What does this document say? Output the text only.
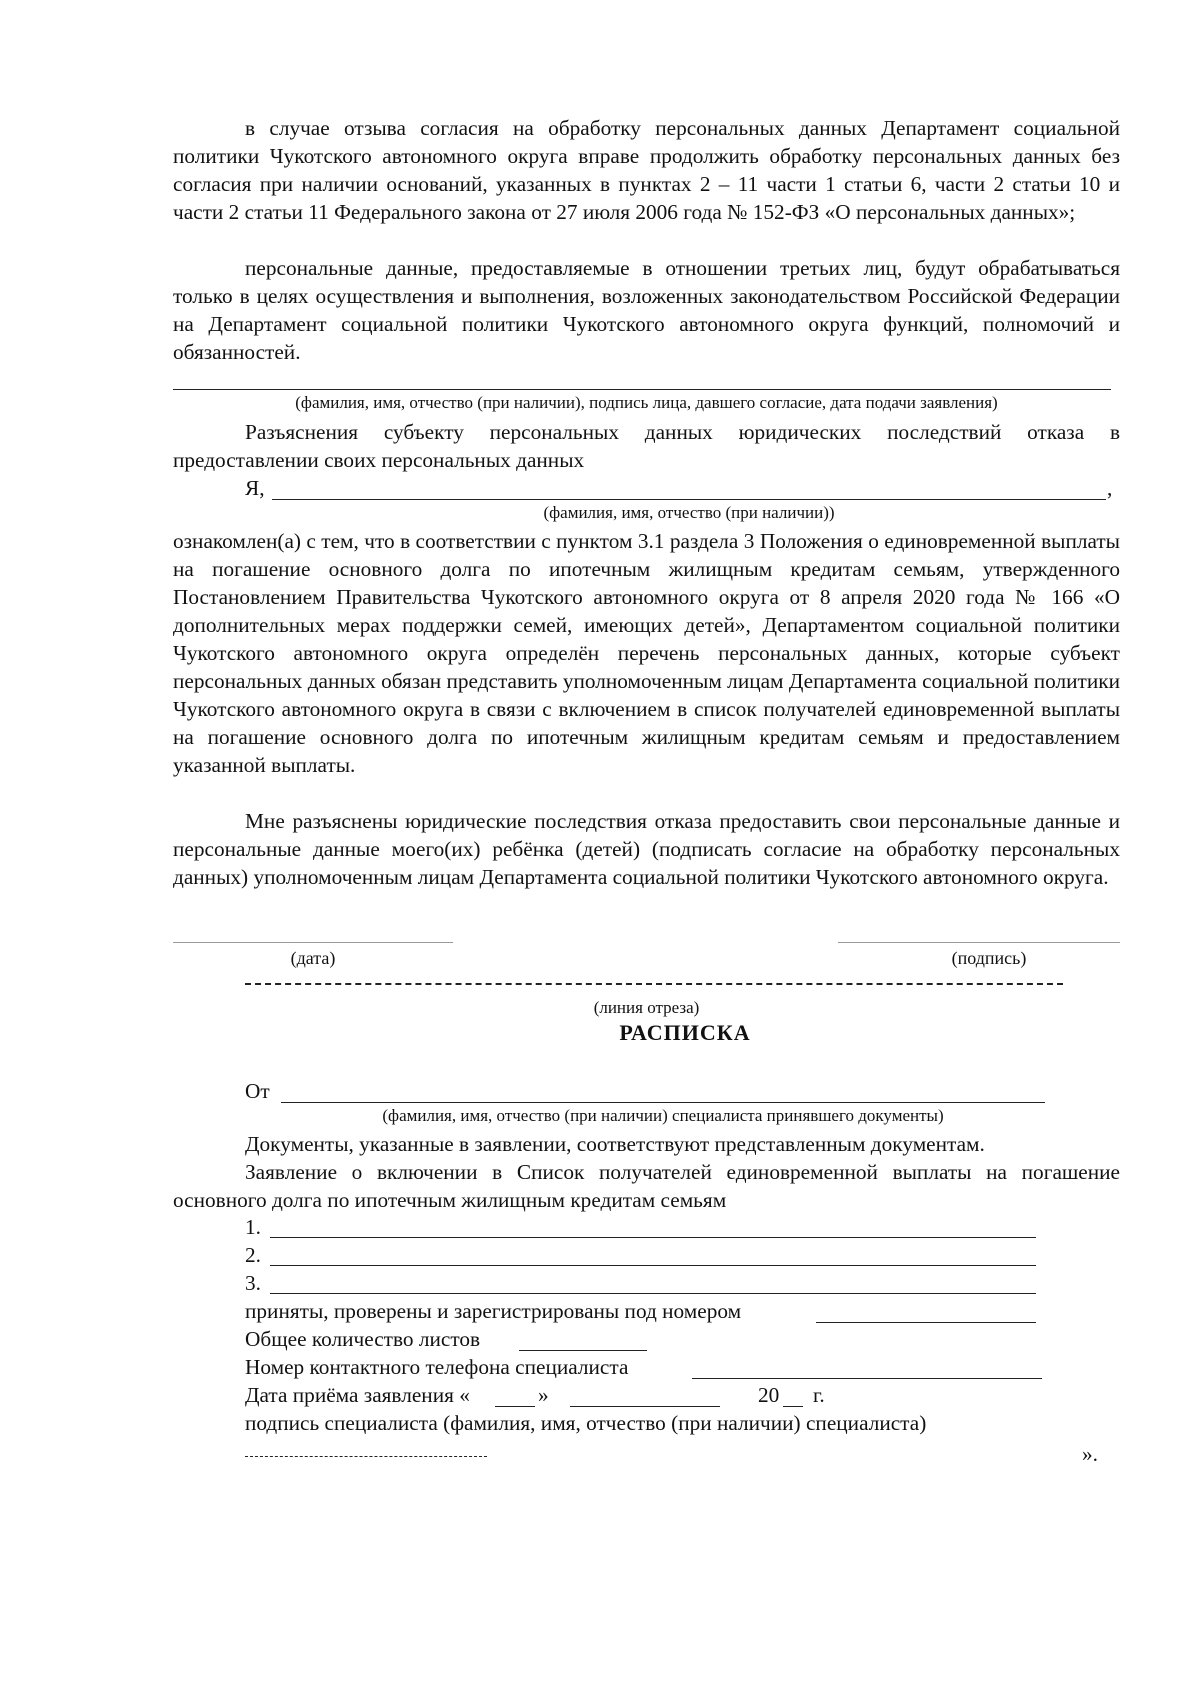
в случае отзыва согласия на обработку персональных данных Департамент социальной политики Чукотского автономного округа вправе продолжить обработку персональных данных без согласия при наличии оснований, указанных в пунктах 2 – 11 части 1 статьи 6, части 2 статьи 10 и части 2 статьи 11 Федерального закона от 27 июля 2006 года № 152-ФЗ «О персональных данных»;

персональные данные, предоставляемые в отношении третьих лиц, будут обрабатываться только в целях осуществления и выполнения, возложенных законодательством Российской Федерации на Департамент социальной политики Чукотского автономного округа функций, полномочий и обязанностей.

(фамилия, имя, отчество (при наличии), подпись лица, давшего согласие, дата подачи заявления)

Разъяснения субъекту персональных данных юридических последствий отказа в предоставлении своих персональных данных

Я,	,
(фамилия, имя, отчество (при наличии))

ознакомлен(а) с тем, что в соответствии с пунктом 3.1 раздела 3 Положения о единовременной выплаты на погашение основного долга по ипотечным жилищным кредитам семьям, утвержденного Постановлением Правительства Чукотского автономного округа от 8 апреля 2020 года № 166 «О дополнительных мерах поддержки семей, имеющих детей», Департаментом социальной политики Чукотского автономного округа определён перечень персональных данных, которые субъект персональных данных обязан представить уполномоченным лицам Департамента социальной политики Чукотского автономного округа в связи с включением в список получателей единовременной выплаты на погашение основного долга по ипотечным жилищным кредитам семьям и предоставлением указанной выплаты.

Мне разъяснены юридические последствия отказа предоставить свои персональные данные и персональные данные моего(их) ребёнка (детей) (подписать согласие на обработку персональных данных) уполномоченным лицам Департамента социальной политики Чукотского автономного округа.

(дата)	(подпись)
(линия отреза)
РАСПИСКА
От
(фамилия, имя, отчество (при наличии) специалиста принявшего документы)
Документы, указанные в заявлении, соответствуют представленным документам.

Заявление о включении в Список получателей единовременной выплаты на погашение основного долга по ипотечным жилищным кредитам семьям

1.
2.
3.
приняты, проверены и зарегистрированы под номером
Общее количество листов
Номер контактного телефона специалиста
Дата приёма заявления «	»	20 г.
подпись специалиста (фамилия, имя, отчество (при наличии) специалиста)
».
